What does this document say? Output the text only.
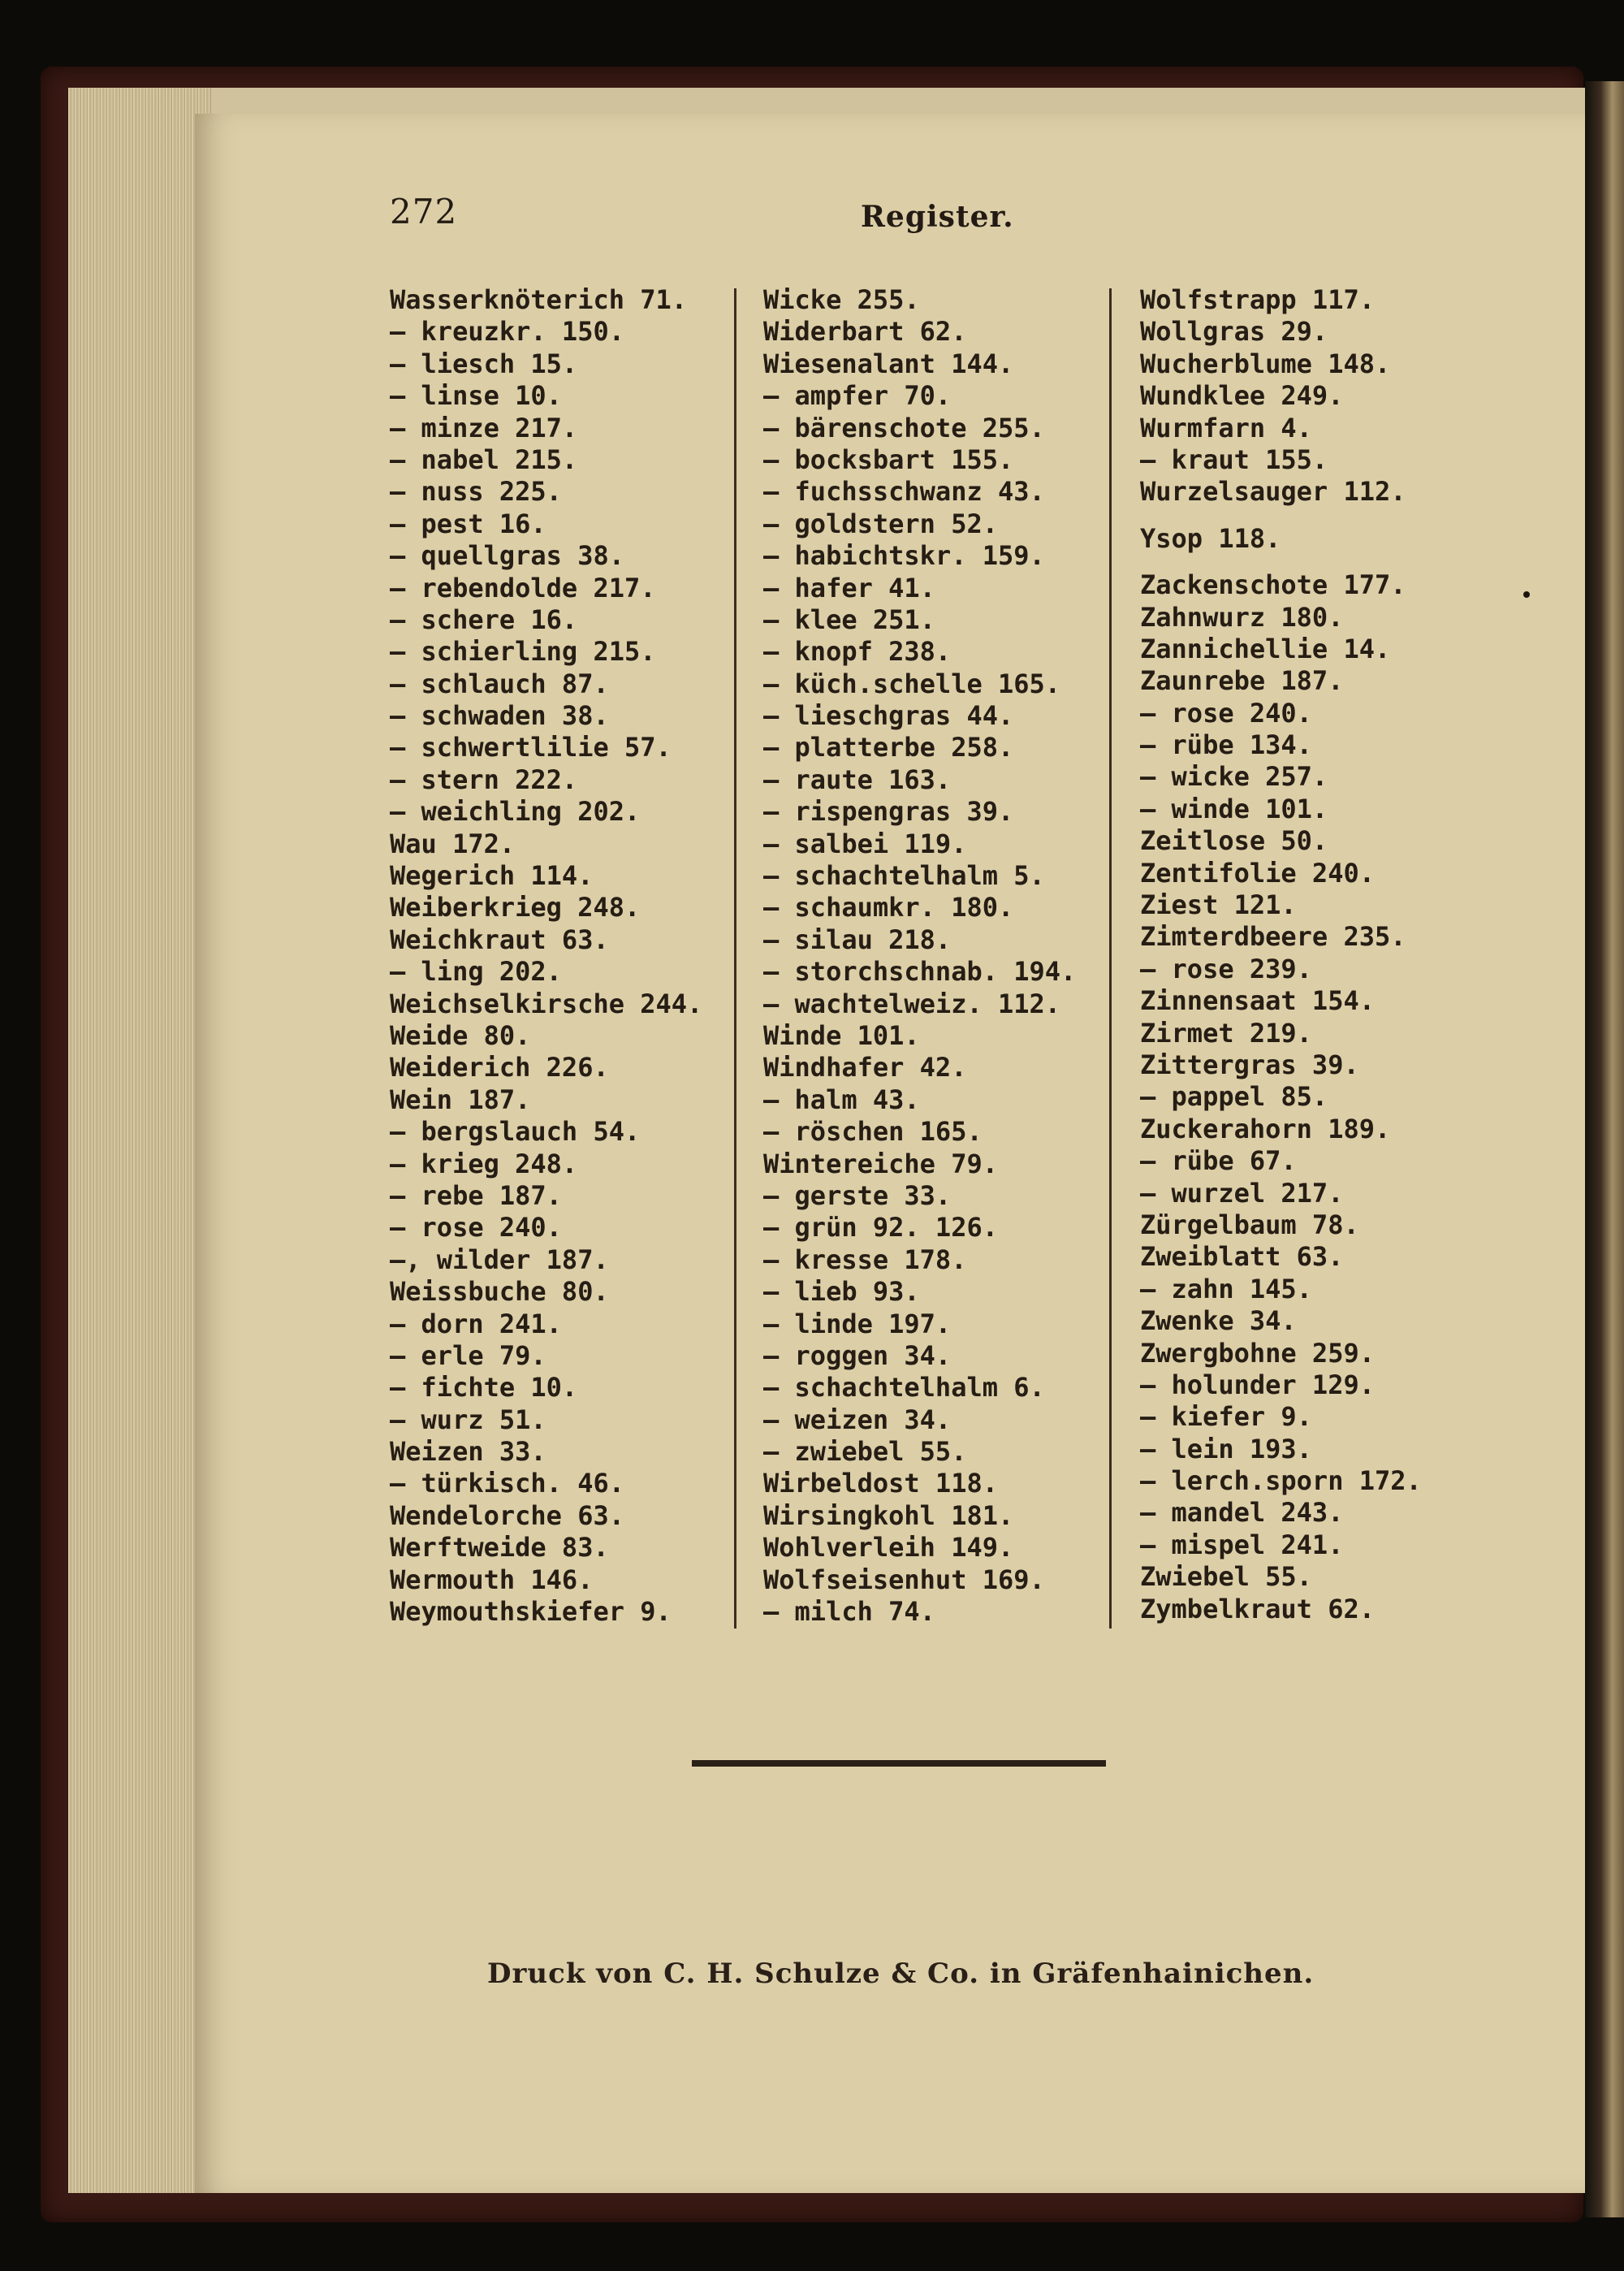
272	Register.
Wasserknöterich 71.
— kreuzkr. 150.
— liesch 15.
— linse 10.
— minze 217.
— nabel 215.
— nuss 225.
— pest 16.
— quellgras 38.
— rebendolde 217.
— schere 16.
— schierling 215.
— schlauch 87.
— schwaden 38.
— schwertlilie 57.
— stern 222.
— weichling 202.
Wau 172.
Wegerich 114.
Weiberkrieg 248.
Weichkraut 63.
— ling 202.
Weichselkirsche 244.
Weide 80.
Weiderich 226.
Wein 187.
— bergslauch 54.
— krieg 248.
— rebe 187.
— rose 240.
—, wilder 187.
Weissbuche 80.
— dorn 241.
— erle 79.
— fichte 10.
— wurz 51.
Weizen 33.
— türkisch. 46.
Wendelorche 63.
Werftweide 83.
Wermouth 146.
Weymouthskiefer 9.
Wicke 255.
Widerbart 62.
Wiesenalant 144.
— ampfer 70.
— bärenschote 255.
— bocksbart 155.
— fuchsschwanz 43.
— goldstern 52.
— habichtskr. 159.
— hafer 41.
— klee 251.
— knopf 238.
— küch.schelle 165.
— lieschgras 44.
— platterbe 258.
— raute 163.
— rispengras 39.
— salbei 119.
— schachtelhalm 5.
— schaumkr. 180.
— silau 218.
— storchschnab. 194.
— wachtelweiz. 112.
Winde 101.
Windhafer 42.
— halm 43.
— röschen 165.
Wintereiche 79.
— gerste 33.
— grün 92. 126.
— kresse 178.
— lieb 93.
— linde 197.
— roggen 34.
— schachtelhalm 6.
— weizen 34.
— zwiebel 55.
Wirbeldost 118.
Wirsingkohl 181.
Wohlverleih 149.
Wolfseisenhut 169.
— milch 74.
Wolfstrapp 117.
Wollgras 29.
Wucherblume 148.
Wundklee 249.
Wurmfarn 4.
— kraut 155.
Wurzelsauger 112.
Ysop 118.
Zackenschote 177.
Zahnwurz 180.
Zannichellie 14.
Zaunrebe 187.
— rose 240.
— rübe 134.
— wicke 257.
— winde 101.
Zeitlose 50.
Zentifolie 240.
Ziest 121.
Zimterdbeere 235.
— rose 239.
Zinnensaat 154.
Zirmet 219.
Zittergras 39.
— pappel 85.
Zuckerahorn 189.
— rübe 67.
— wurzel 217.
Zürgelbaum 78.
Zweiblatt 63.
— zahn 145.
Zwenke 34.
Zwergbohne 259.
— holunder 129.
— kiefer 9.
— lein 193.
— lerch.sporn 172.
— mandel 243.
— mispel 241.
Zwiebel 55.
Zymbelkraut 62.
Druck von C. H. Schulze & Co. in Gräfenhainichen.
